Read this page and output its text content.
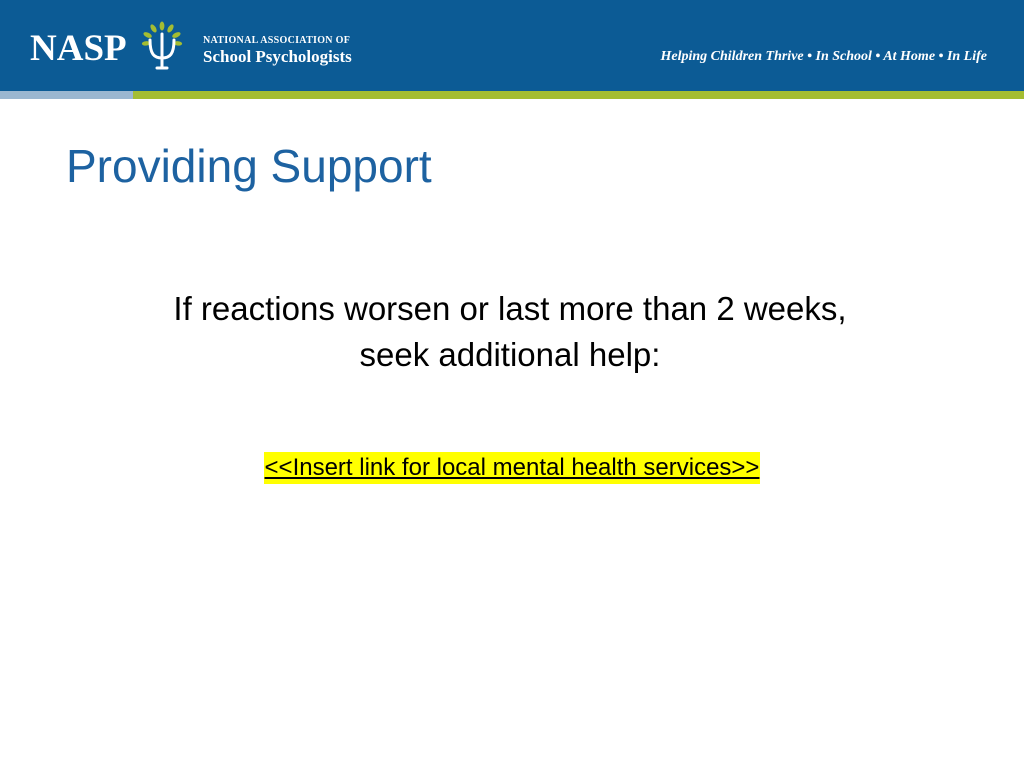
NASP	NATIONAL ASSOCIATION OF
School Psychologists	Helping Children Thrive • In School • At Home • In Life
Providing Support
If reactions worsen or last more than 2 weeks,
seek additional help:
<<Insert link for local mental health services>>
